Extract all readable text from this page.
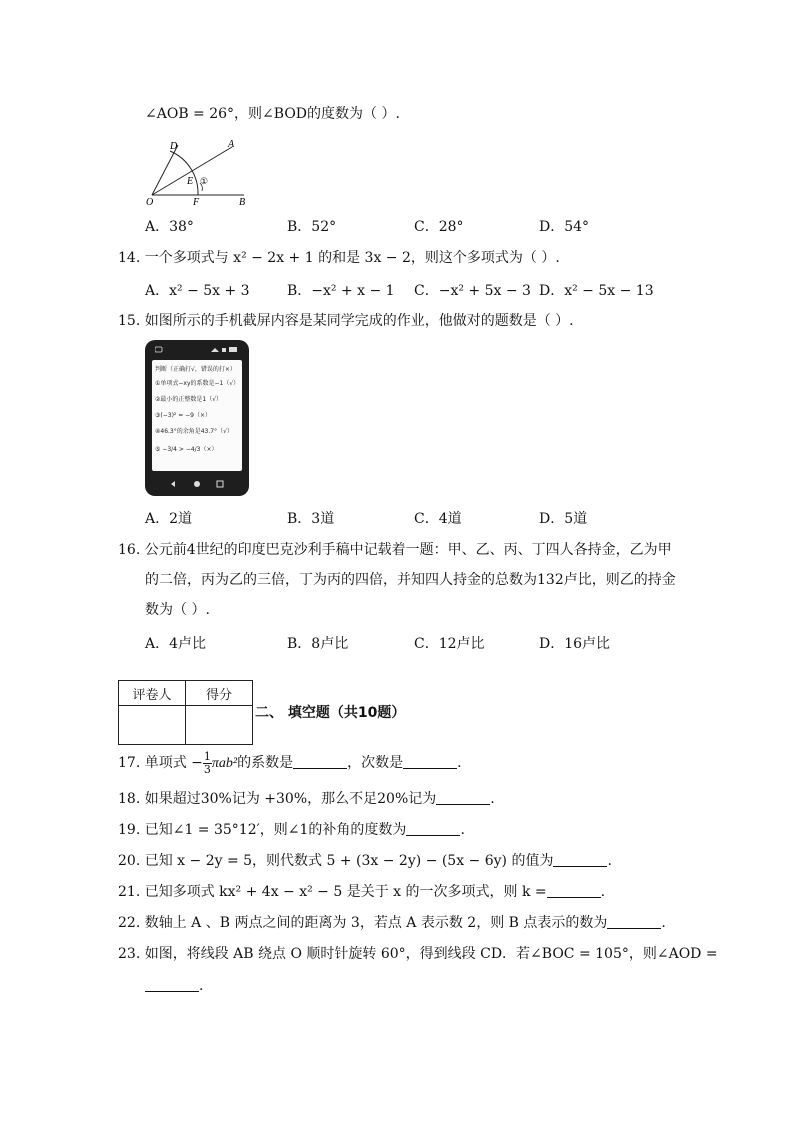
∠AOB = 26°，则∠BOD的度数为（ ）.
D	A
E ①
O	F	B
A．38°	B．52°	C．28°	D．54°
14. 一个多项式与 x² − 2x + 1 的和是 3x − 2，则这个多项式为（ ）.
A．x² − 5x + 3	B．−x² + x − 1 C．−x² + 5x − 3 D．x² − 5x − 13
15. 如图所示的手机截屏内容是某同学完成的作业，他做对的题数是（ ）.
判断（正确打√，错误的打×）
①单项式−xy的系数是−1（√）
②最小的正整数是1（√）
③(−3)² = −9（×）
④46.3°的余角是43.7°（√）
⑤ −3/4 > −4/3（×）
A．2道	B．3道	C．4道	D．5道
16. 公元前4世纪的印度巴克沙利手稿中记载着一题：甲、乙、丙、丁四人各持金，乙为甲
的二倍，丙为乙的三倍，丁为丙的四倍，并知四人持金的总数为132卢比，则乙的持金
数为（ ）.
A．4卢比	B．8卢比	C．12卢比	D．16卢比
评卷人	得分

二、 填空题（共10题）
17. 单项式 − $\frac{1}{3} \pi ab^2$的系数是	，次数是	.
18. 如果超过30%记为 +30%，那么不足20%记为	.
19. 已知∠1 = 35°12′，则∠1的补角的度数为	.
20. 已知 x − 2y = 5，则代数式 5 + (3x − 2y) − (5x − 6y) 的值为	.
21. 已知多项式 kx² + 4x − x² − 5 是关于 x 的一次多项式，则 k =	.
22. 数轴上 A 、B 两点之间的距离为 3，若点 A 表示数 2，则 B 点表示的数为	.
23. 如图，将线段 AB 绕点 O 顺时针旋转 60°，得到线段 CD．若∠BOC = 105°，则∠AOD =
.
